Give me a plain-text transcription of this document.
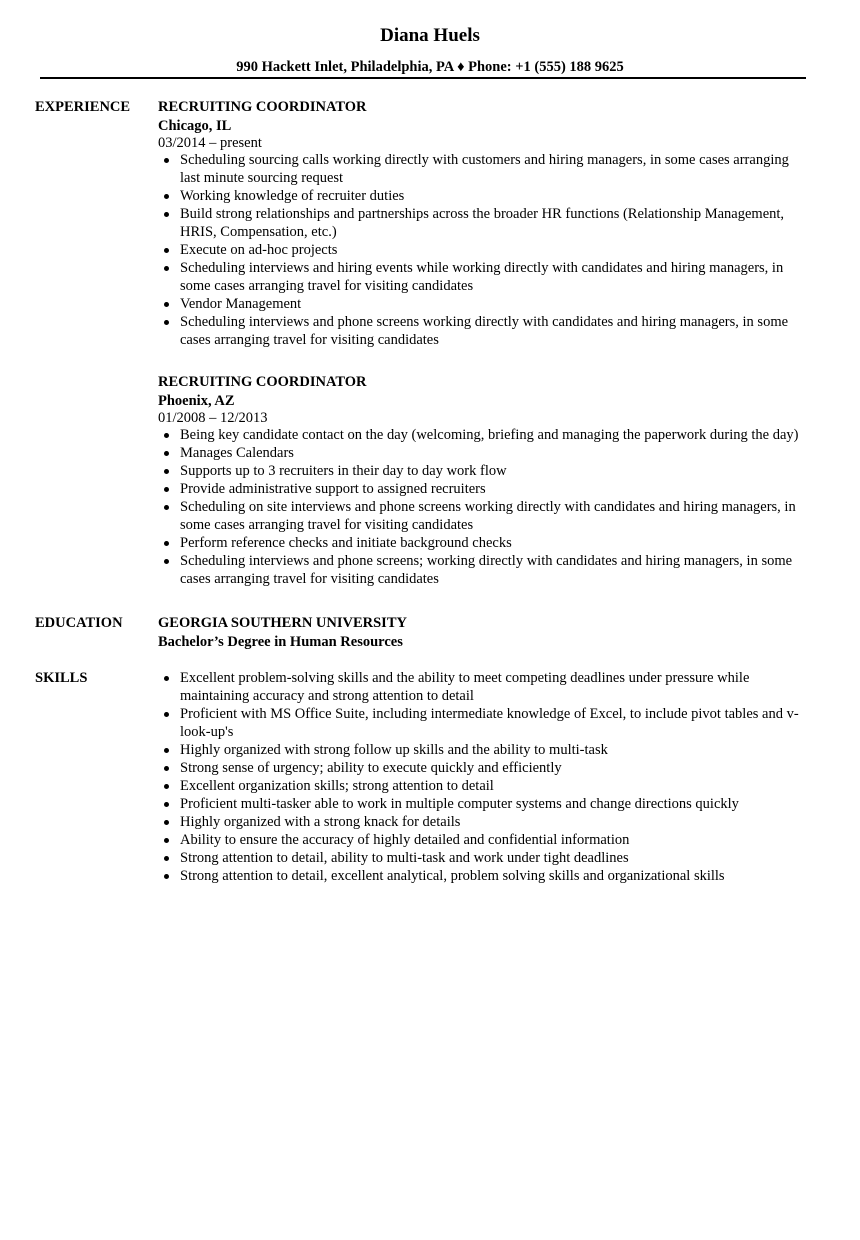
Diana Huels
990 Hackett Inlet, Philadelphia, PA ♦ Phone: +1 (555) 188 9625
EXPERIENCE	RECRUITING COORDINATOR
Chicago, IL
03/2014 – present
Scheduling sourcing calls working directly with customers and hiring managers, in some cases arranging last minute sourcing request
Working knowledge of recruiter duties
Build strong relationships and partnerships across the broader HR functions (Relationship Management, HRIS, Compensation, etc.)
Execute on ad-hoc projects
Scheduling interviews and hiring events while working directly with candidates and hiring managers, in some cases arranging travel for visiting candidates
Vendor Management
Scheduling interviews and phone screens working directly with candidates and hiring managers, in some cases arranging travel for visiting candidates
RECRUITING COORDINATOR
Phoenix, AZ
01/2008 – 12/2013
Being key candidate contact on the day (welcoming, briefing and managing the paperwork during the day)
Manages Calendars
Supports up to 3 recruiters in their day to day work flow
Provide administrative support to assigned recruiters
Scheduling on site interviews and phone screens working directly with candidates and hiring managers, in some cases arranging travel for visiting candidates
Perform reference checks and initiate background checks
Scheduling interviews and phone screens; working directly with candidates and hiring managers, in some cases arranging travel for visiting candidates
EDUCATION	GEORGIA SOUTHERN UNIVERSITY
Bachelor’s Degree in Human Resources
SKILLS	Excellent problem-solving skills and the ability to meet competing deadlines under pressure while maintaining accuracy and strong attention to detail
Proficient with MS Office Suite, including intermediate knowledge of Excel, to include pivot tables and v-look-up's
Highly organized with strong follow up skills and the ability to multi-task
Strong sense of urgency; ability to execute quickly and efficiently
Excellent organization skills; strong attention to detail
Proficient multi-tasker able to work in multiple computer systems and change directions quickly
Highly organized with a strong knack for details
Ability to ensure the accuracy of highly detailed and confidential information
Strong attention to detail, ability to multi-task and work under tight deadlines
Strong attention to detail, excellent analytical, problem solving skills and organizational skills
